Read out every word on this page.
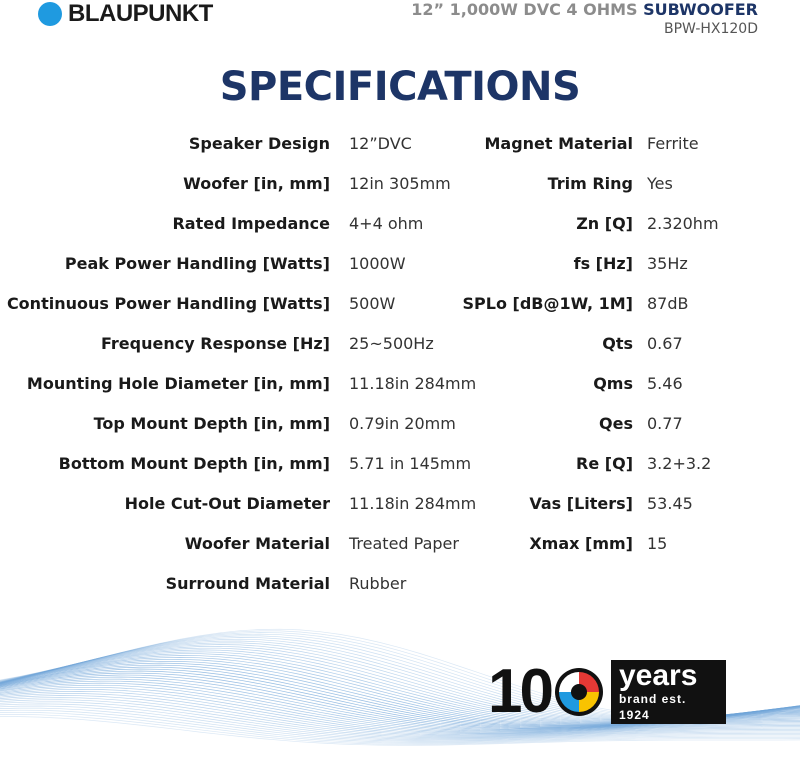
BLAUPUNKT	12” 1,000W DVC 4 OHMS SUBWOOFER
BPW-HX120D
SPECIFICATIONS
Speaker Design 12”DVC	Magnet Material Ferrite
Woofer [in, mm] 12in 305mm	Trim Ring Yes
Rated Impedance 4+4 ohm	Zn [Q] 2.320hm
Peak Power Handling [Watts] 1000W	fs [Hz] 35Hz
Continuous Power Handling [Watts] 500W	SPLo [dB@1W, 1M] 87dB
Frequency Response [Hz] 25~500Hz	Qts 0.67
Mounting Hole Diameter [in, mm] 11.18in 284mm	Qms 5.46
Top Mount Depth [in, mm] 0.79in 20mm	Qes 0.77
Bottom Mount Depth [in, mm] 5.71 in 145mm	Re [Q] 3.2+3.2
Hole Cut-Out Diameter 11.18in 284mm	Vas [Liters] 53.45
Woofer Material Treated Paper	Xmax [mm] 15
Surround Material Rubber
10 years
brand est. 1924
